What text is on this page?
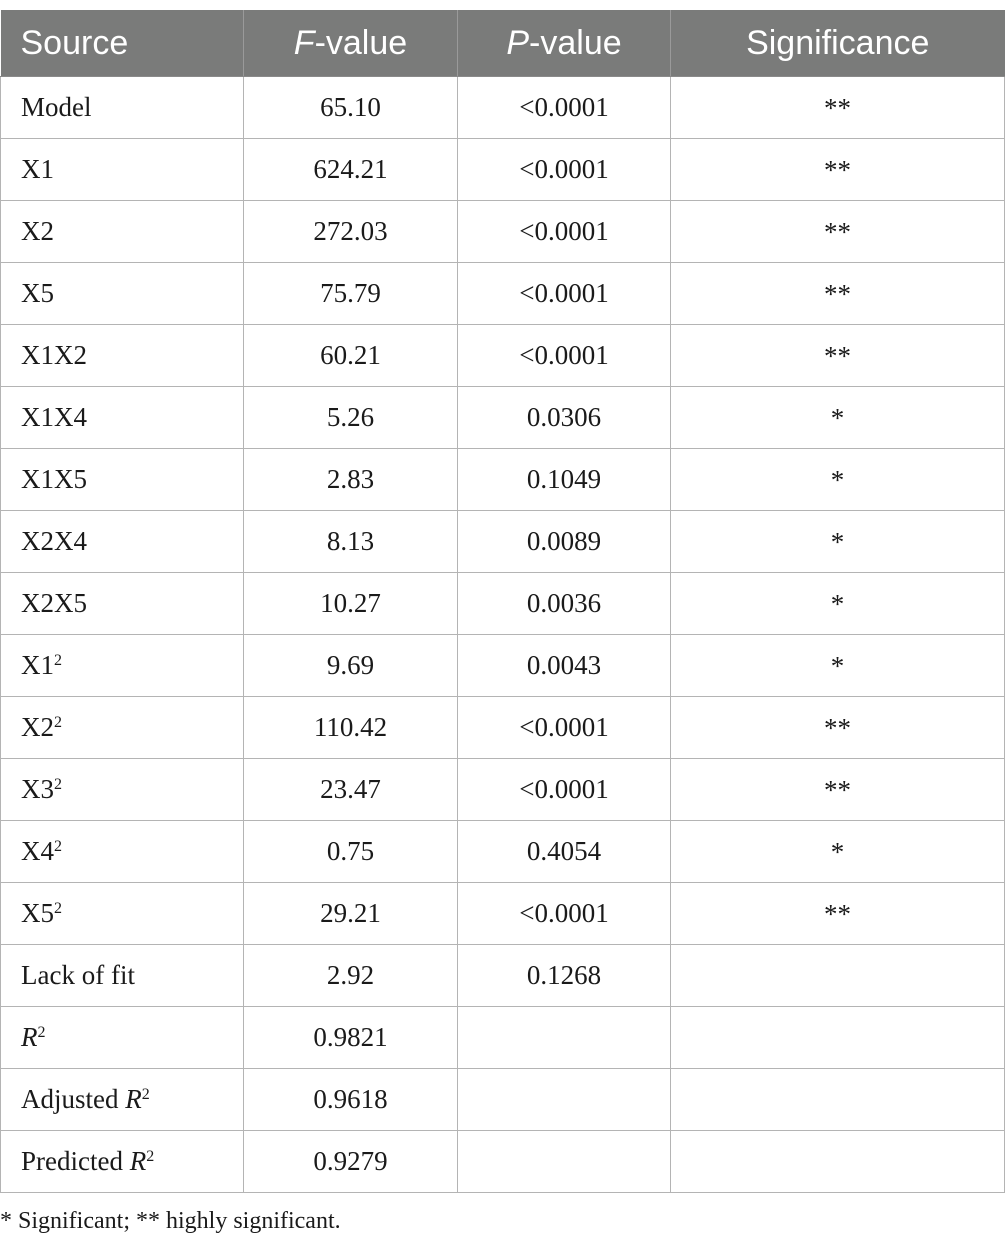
Source	F-value	P-value	Significance
Model	65.10	<0.0001	**
X1	624.21	<0.0001	**
X2	272.03	<0.0001	**
X5	75.79	<0.0001	**
X1X2	60.21	<0.0001	**
X1X4	5.26	0.0306	*
X1X5	2.83	0.1049	*
X2X4	8.13	0.0089	*
X2X5	10.27	0.0036	*
$X1^2$	9.69	0.0043	*
$X2^2$	110.42	<0.0001	**
$X3^2$	23.47	<0.0001	**
$X4^2$	0.75	0.4054	*
$X5^2$	29.21	<0.0001	**
Lack of fit	2.92	0.1268	
$R^2$	0.9821		
Adjusted $R^2$	0.9618		
Predicted $R^2$	0.9279		
* Significant; ** highly significant.
